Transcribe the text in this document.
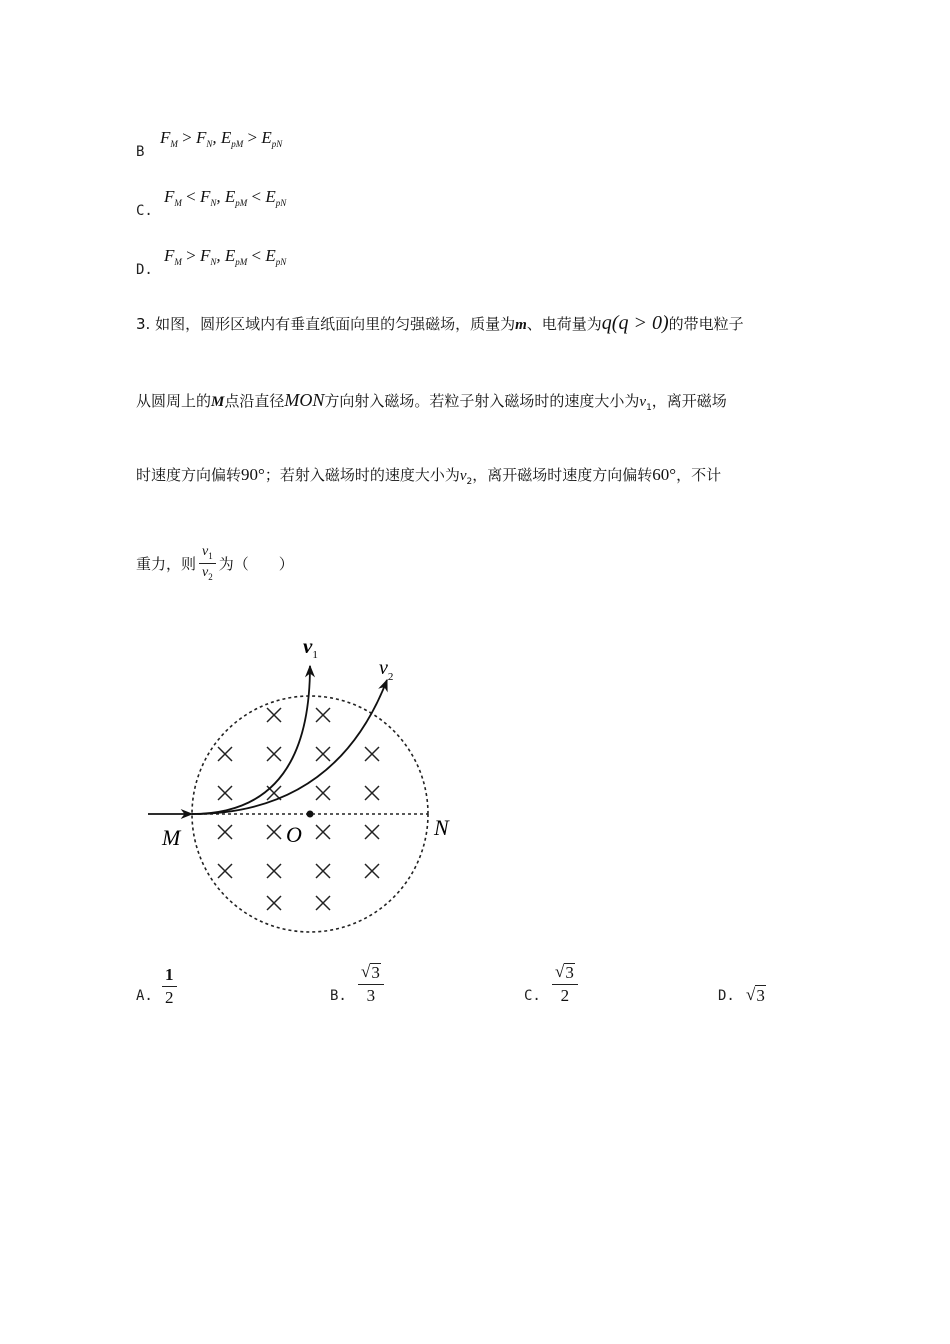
B
$F_M > F_N$, $E_{pM} > E_{pN}$
C.
$F_M < F_N$, $E_{pM} < E_{pN}$
D.
$F_M > F_N$, $E_{pM} < E_{pN}$
3. 如图，圆形区域内有垂直纸面向里的匀强磁场，质量为m、电荷量为q(q > 0)的带电粒子
从圆周上的M点沿直径MON方向射入磁场。若粒子射入磁场时的速度大小为$v_1$，离开磁场
时速度方向偏转90°；若射入磁场时的速度大小为$v_2$，离开磁场时速度方向偏转60°，不计
重力，则 $\frac{v_1}{v_2}$ 为（　　）
$v_1$
$v_2$
M	O	N
A. $\frac{1}{2}$	B. $\frac{√ 3}{3}$	C. $\frac{√ 3}{2}$	D. √ 3
